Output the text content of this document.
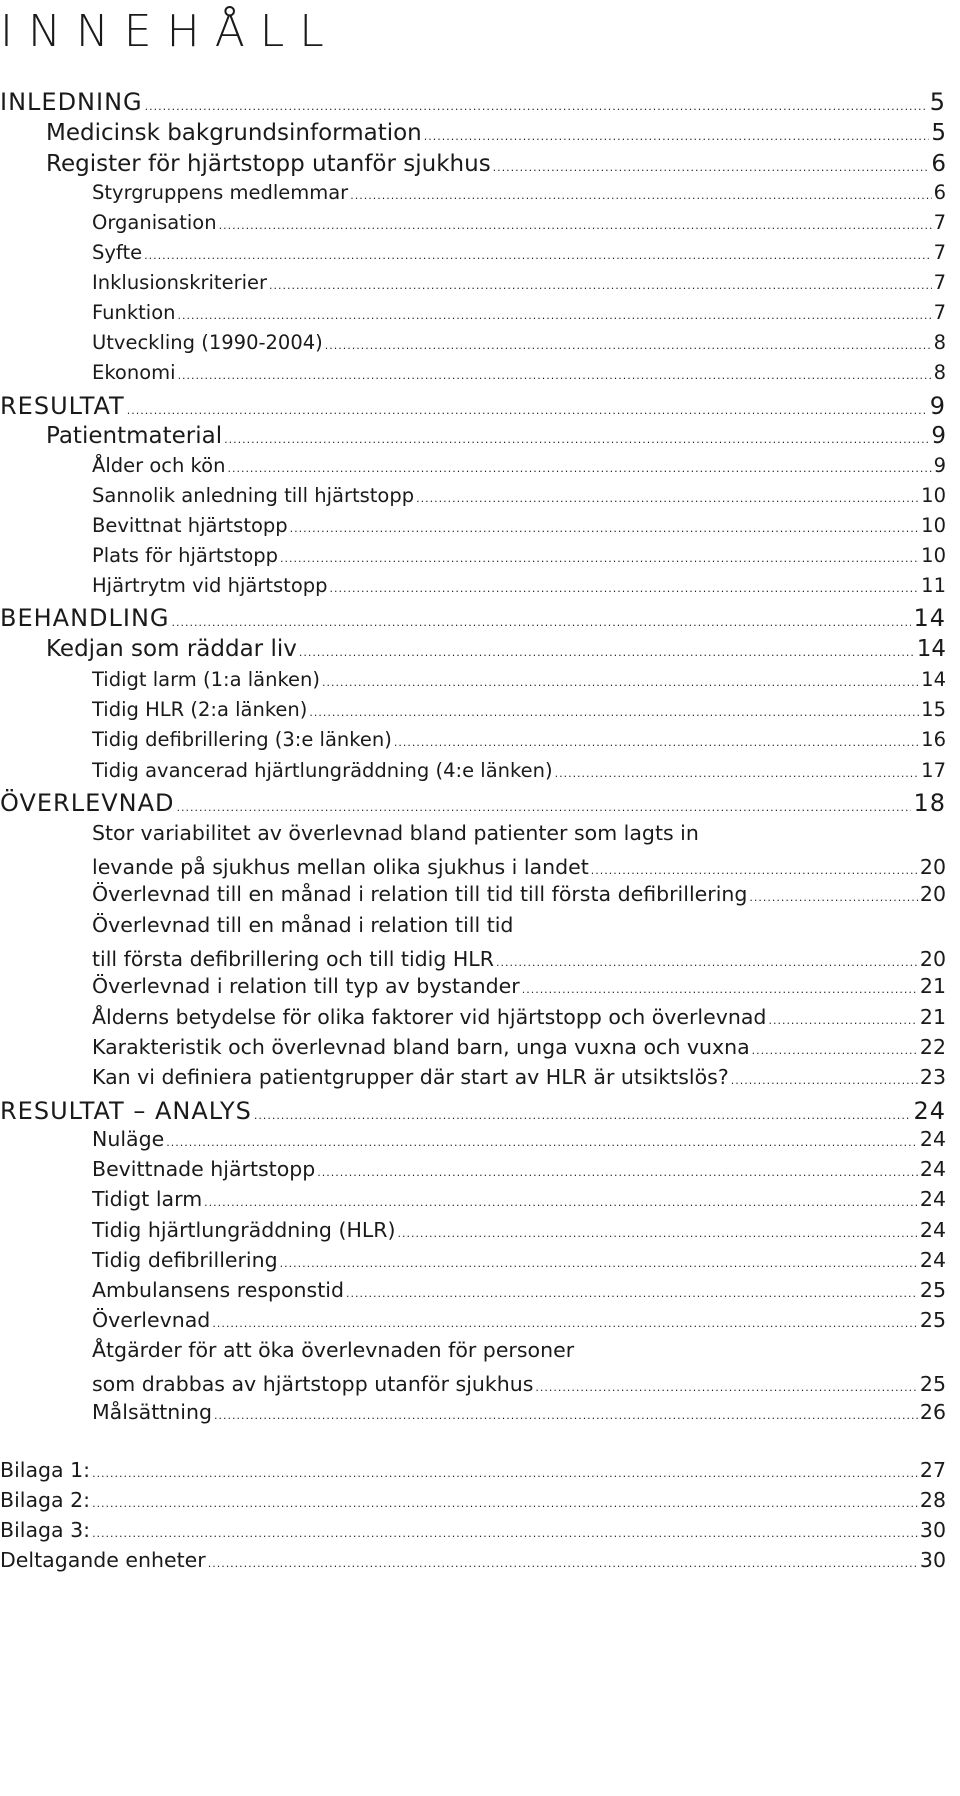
INNEHÅLL
INLEDNING .....	5
Medicinsk bakgrundsinformation .....	5
Register för hjärtstopp utanför sjukhus .....	6
Styrgruppens medlemmar .....	6
Organisation .....	7
Syfte .....	7
Inklusionskriterier .....	7
Funktion .....	7
Utveckling (1990-2004) .....	8
Ekonomi .....	8
RESULTAT .....	9
Patientmaterial .....	9
Ålder och kön .....	9
Sannolik anledning till hjärtstopp .....	10
Bevittnat hjärtstopp .....	10
Plats för hjärtstopp .....	10
Hjärtrytm vid hjärtstopp .....	11
BEHANDLING .....	14
Kedjan som räddar liv .....	14
Tidigt larm (1:a länken) .....	14
Tidig HLR (2:a länken) .....	15
Tidig defibrillering (3:e länken) .....	16
Tidig avancerad hjärtlungräddning (4:e länken) .....	17
ÖVERLEVNAD .....	18
Stor variabilitet av överlevnad bland patienter som lagts in
levande på sjukhus mellan olika sjukhus i landet .....	20
Överlevnad till en månad i relation till tid till första defibrillering .....	20
Överlevnad till en månad i relation till tid
till första defibrillering och till tidig HLR .....	20
Överlevnad i relation till typ av bystander .....	21
Ålderns betydelse för olika faktorer vid hjärtstopp och överlevnad .....	21
Karakteristik och överlevnad bland barn, unga vuxna och vuxna .....	22
Kan vi definiera patientgrupper där start av HLR är utsiktslös? .....	23
RESULTAT – ANALYS .....	24
Nuläge .....	24
Bevittnade hjärtstopp .....	24
Tidigt larm .....	24
Tidig hjärtlungräddning (HLR) .....	24
Tidig defibrillering .....	24
Ambulansens responstid .....	25
Överlevnad .....	25
Åtgärder för att öka överlevnaden för personer
som drabbas av hjärtstopp utanför sjukhus .....	25
Målsättning .....	26
Bilaga 1: .....	27
Bilaga 2: .....	28
Bilaga 3: .....	30
Deltagande enheter .....	30
